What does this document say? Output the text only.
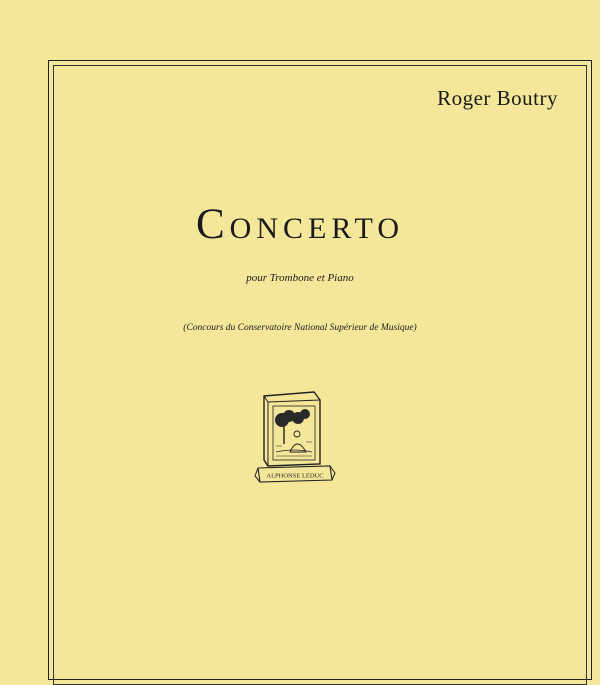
Roger Boutry
Concerto
pour Trombone et Piano
(Concours du Conservatoire National Supérieur de Musique)
ALPHONSE LEDUC
